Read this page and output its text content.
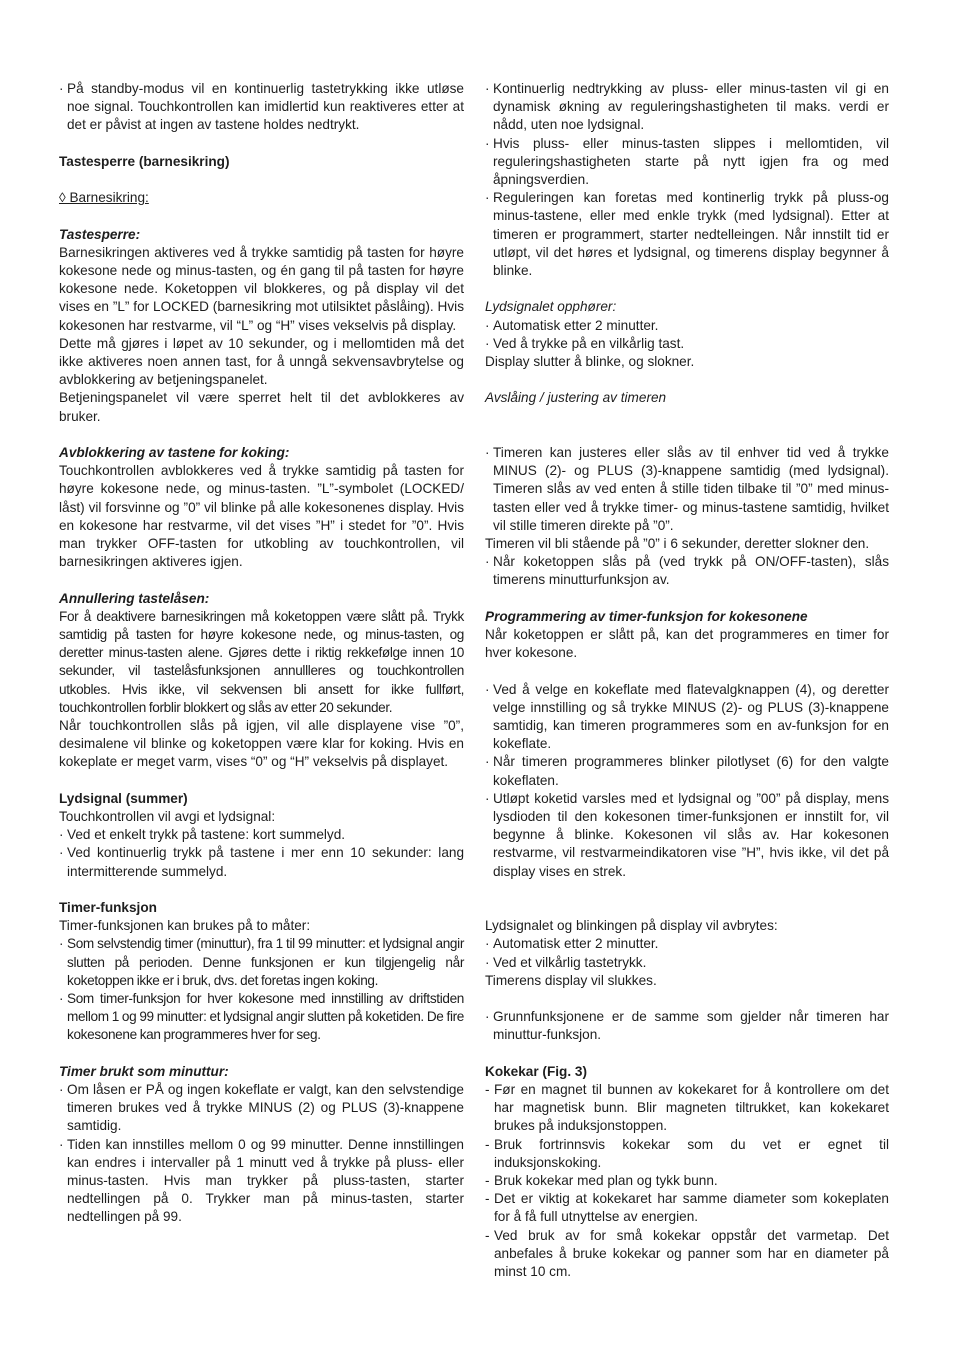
· På standby-modus vil en kontinuerlig tastetrykking ikke utløse noe signal. Touchkontrollen kan imidlertid kun reaktiveres etter at det er påvist at ingen av tastene holdes nedtrykt.

Tastesperre (barnesikring)

◊ Barnesikring:

Tastesperre:

Barnesikringen aktiveres ved å trykke samtidig på tasten for høyre kokesone nede og minus-tasten, og én gang til på tasten for høyre kokesone nede. Koketoppen vil blokkeres, og på display vil det vises en ”L” for LOCKED (barnesikring mot utilsiktet påslåing). Hvis kokesonen har restvarme, vil “L” og “H” vises vekselvis på display.

Dette må gjøres i løpet av 10 sekunder, og i mellomtiden må det ikke aktiveres noen annen tast, for å unngå sekvensavbrytelse og avblokkering av betjeningspanelet.

Betjeningspanelet vil være sperret helt til det avblokkeres av bruker.

Avblokkering av tastene for koking:

Touchkontrollen avblokkeres ved å trykke samtidig på tasten for høyre kokesone nede, og minus-tasten. ”L”-symbolet (LOCKED/ låst) vil forsvinne og ”0” vil blinke på alle kokesonenes display. Hvis en kokesone har restvarme, vil det vises ”H” i stedet for ”0”. Hvis man trykker OFF-tasten for utkobling av touchkontrollen, vil barnesikringen aktiveres igjen.

Annullering tastelåsen:

For å deaktivere barnesikringen må koketoppen være slått på. Trykk samtidig på tasten for høyre kokesone nede, og minus-tasten, og deretter minus-tasten alene. Gjøres dette i riktig rekkefølge innen 10 sekunder, vil tastelåsfunksjonen annullleres og touchkontrollen utkobles. Hvis ikke, vil sekvensen bli ansett for ikke fullført, touchkontrollen forblir blokkert og slås av etter 20 sekunder.

Når touchkontrollen slås på igjen, vil alle displayene vise ”0”, desimalene vil blinke og koketoppen være klar for koking. Hvis en kokeplate er meget varm, vises “0” og “H” vekselvis på displayet.

Lydsignal (summer)

Touchkontrollen vil avgi et lydsignal:

· Ved et enkelt trykk på tastene: kort summelyd.
· Ved kontinuerlig trykk på tastene i mer enn 10 sekunder: lang intermitterende summelyd.

Timer-funksjon

Timer-funksjonen kan brukes på to måter:

· Som selvstendig timer (minuttur), fra 1 til 99 minutter: et lydsignal angir slutten på perioden. Denne funksjonen er kun tilgjengelig når koketoppen ikke er i bruk, dvs. det foretas ingen koking.
· Som timer-funksjon for hver kokesone med innstilling av driftstiden mellom 1 og 99 minutter: et lydsignal angir slutten på koketiden. De fire kokesonene kan programmeres hver for seg.

Timer brukt som minuttur:

· Om låsen er PÅ og ingen kokeflate er valgt, kan den selvstendige timeren brukes ved å trykke MINUS (2) og PLUS (3)-knappene samtidig.
· Tiden kan innstilles mellom 0 og 99 minutter. Denne innstillingen kan endres i intervaller på 1 minutt ved å trykke på pluss- eller minus-tasten. Hvis man trykker på pluss-tasten, starter nedtellingen på 0. Trykker man på minus-tasten, starter nedtellingen på 99.
· Kontinuerlig nedtrykking av pluss- eller minus-tasten vil gi en dynamisk økning av reguleringshastigheten til maks. verdi er nådd, uten noe lydsignal.
· Hvis pluss- eller minus-tasten slippes i mellomtiden, vil reguleringshastigheten starte på nytt igjen fra og med åpningsverdien.
· Reguleringen kan foretas med kontinerlig trykk på pluss-og minus-tastene, eller med enkle trykk (med lydsignal). Etter at timeren er programmert, starter nedtelleingen. Når innstilt tid er utløpt, vil det høres et lydsignal, og timerens display begynner å blinke.

Lydsignalet opphører:

· Automatisk etter 2 minutter.
· Ved å trykke på en vilkårlig tast.

Display slutter å blinke, og slokner.

Avslåing / justering av timeren

· Timeren kan justeres eller slås av til enhver tid ved å trykke MINUS (2)- og PLUS (3)-knappene samtidig (med lydsignal). Timeren slås av ved enten å stille tiden tilbake til ”0” med minus-tasten eller ved å trykke timer- og minus-tastene samtidig, hvilket vil stille timeren direkte på ”0”.

Timeren vil bli stående på ”0” i 6 sekunder, deretter slokner den.

· Når koketoppen slås på (ved trykk på ON/OFF-tasten), slås timerens minutturfunksjon av.

Programmering av timer-funksjon for kokesonene

Når koketoppen er slått på, kan det programmeres en timer for hver kokesone.

· Ved å velge en kokeflate med flatevalgknappen (4), og deretter velge innstilling og så trykke MINUS (2)- og PLUS (3)-knappene samtidig, kan timeren programmeres som en av-funksjon for en kokeflate.
· Når timeren programmeres blinker pilotlyset (6) for den valgte kokeflaten.
· Utløpt koketid varsles med et lydsignal og ”00” på display, mens lysdioden til den kokesonen timer-funksjonen er innstilt for, vil begynne å blinke. Kokesonen vil slås av. Har kokesonen restvarme, vil restvarmeindikatoren vise ”H”, hvis ikke, vil det på display vises en strek.

Lydsignalet og blinkingen på display vil avbrytes:

· Automatisk etter 2 minutter.
· Ved et vilkårlig tastetrykk.

Timerens display vil slukkes.

· Grunnfunksjonene er de samme som gjelder når timeren har minuttur-funksjon.

Kokekar (Fig. 3)

- Før en magnet til bunnen av kokekaret for å kontrollere om det har magnetisk bunn. Blir magneten tiltrukket, kan kokekaret brukes på induksjonstoppen.
- Bruk fortrinnsvis kokekar som du vet er egnet til induksjonskoking.
- Bruk kokekar med plan og tykk bunn.
- Det er viktig at kokekaret har samme diameter som kokeplaten for å få full utnyttelse av energien.
- Ved bruk av for små kokekar oppstår det varmetap. Det anbefales å bruke kokekar og panner som har en diameter på minst 10 cm.
